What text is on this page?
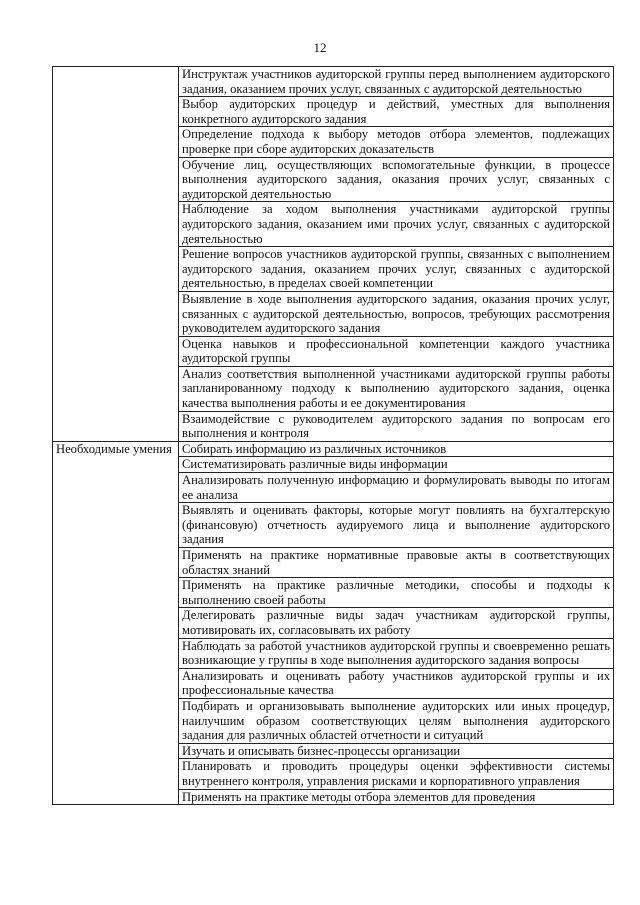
12
	Инструктаж участников аудиторской группы перед выполнением аудиторского задания, оказанием прочих услуг, связанных с аудиторской деятельностью
	Выбор аудиторских процедур и действий, уместных для выполнения конкретного аудиторского задания
	Определение подхода к выбору методов отбора элементов, подлежащих проверке при сборе аудиторских доказательств
	Обучение лиц, осуществляющих вспомогательные функции, в процессе выполнения аудиторского задания, оказания прочих услуг, связанных с аудиторской деятельностью
	Наблюдение за ходом выполнения участниками аудиторской группы аудиторского задания, оказанием ими прочих услуг, связанных с аудиторской деятельностью
	Решение вопросов участников аудиторской группы, связанных с выполнением аудиторского задания, оказанием прочих услуг, связанных с аудиторской деятельностью, в пределах своей компетенции
	Выявление в ходе выполнения аудиторского задания, оказания прочих услуг, связанных с аудиторской деятельностью, вопросов, требующих рассмотрения руководителем аудиторского задания
	Оценка навыков и профессиональной компетенции каждого участника аудиторской группы
	Анализ соответствия выполненной участниками аудиторской группы работы запланированному подходу к выполнению аудиторского задания, оценка качества выполнения работы и ее документирования
	Взаимодействие с руководителем аудиторского задания по вопросам его выполнения и контроля
Необходимые умения	Собирать информацию из различных источников
	Систематизировать различные виды информации
	Анализировать полученную информацию и формулировать выводы по итогам ее анализа
	Выявлять и оценивать факторы, которые могут повлиять на бухгалтерскую (финансовую) отчетность аудируемого лица и выполнение аудиторского задания
	Применять на практике нормативные правовые акты в соответствующих областях знаний
	Применять на практике различные методики, способы и подходы к выполнению своей работы
	Делегировать различные виды задач участникам аудиторской группы, мотивировать их, согласовывать их работу
	Наблюдать за работой участников аудиторской группы и своевременно решать возникающие у группы в ходе выполнения аудиторского задания вопросы
	Анализировать и оценивать работу участников аудиторской группы и их профессиональные качества
	Подбирать и организовывать выполнение аудиторских или иных процедур, наилучшим образом соответствующих целям выполнения аудиторского задания для различных областей отчетности и ситуаций
	Изучать и описывать бизнес-процессы организации
	Планировать и проводить процедуры оценки эффективности системы внутреннего контроля, управления рисками и корпоративного управления
	Применять на практике методы отбора элементов для проведения
